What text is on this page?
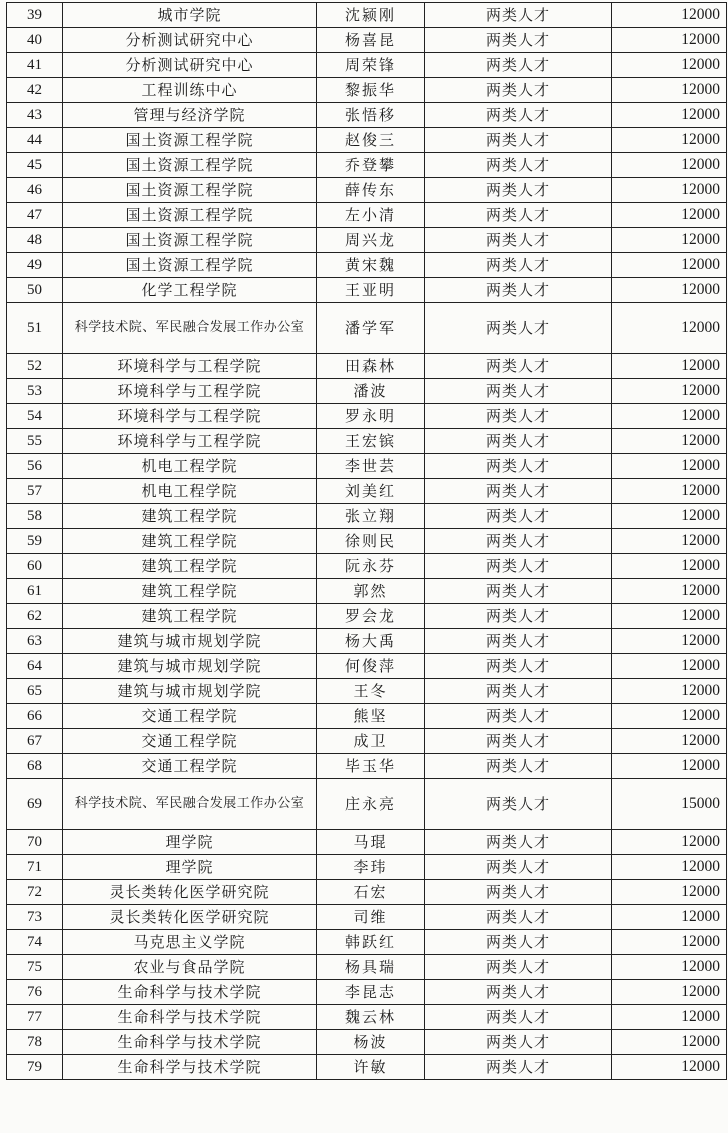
39	城市学院	沈颍刚	两类人才	12000
40	分析测试研究中心	杨喜昆	两类人才	12000
41	分析测试研究中心	周荣锋	两类人才	12000
42	工程训练中心	黎振华	两类人才	12000
43	管理与经济学院	张悟移	两类人才	12000
44	国土资源工程学院	赵俊三	两类人才	12000
45	国土资源工程学院	乔登攀	两类人才	12000
46	国土资源工程学院	薛传东	两类人才	12000
47	国土资源工程学院	左小清	两类人才	12000
48	国土资源工程学院	周兴龙	两类人才	12000
49	国土资源工程学院	黄宋魏	两类人才	12000
50	化学工程学院	王亚明	两类人才	12000
51	科学技术院、军民融合发展工作办公室	潘学军	两类人才	12000
52	环境科学与工程学院	田森林	两类人才	12000
53	环境科学与工程学院	潘波	两类人才	12000
54	环境科学与工程学院	罗永明	两类人才	12000
55	环境科学与工程学院	王宏镔	两类人才	12000
56	机电工程学院	李世芸	两类人才	12000
57	机电工程学院	刘美红	两类人才	12000
58	建筑工程学院	张立翔	两类人才	12000
59	建筑工程学院	徐则民	两类人才	12000
60	建筑工程学院	阮永芬	两类人才	12000
61	建筑工程学院	郭然	两类人才	12000
62	建筑工程学院	罗会龙	两类人才	12000
63	建筑与城市规划学院	杨大禹	两类人才	12000
64	建筑与城市规划学院	何俊萍	两类人才	12000
65	建筑与城市规划学院	王冬	两类人才	12000
66	交通工程学院	熊坚	两类人才	12000
67	交通工程学院	成卫	两类人才	12000
68	交通工程学院	毕玉华	两类人才	12000
69	科学技术院、军民融合发展工作办公室	庄永亮	两类人才	15000
70	理学院	马琨	两类人才	12000
71	理学院	李玮	两类人才	12000
72	灵长类转化医学研究院	石宏	两类人才	12000
73	灵长类转化医学研究院	司维	两类人才	12000
74	马克思主义学院	韩跃红	两类人才	12000
75	农业与食品学院	杨具瑞	两类人才	12000
76	生命科学与技术学院	李昆志	两类人才	12000
77	生命科学与技术学院	魏云林	两类人才	12000
78	生命科学与技术学院	杨波	两类人才	12000
79	生命科学与技术学院	许敏	两类人才	12000
